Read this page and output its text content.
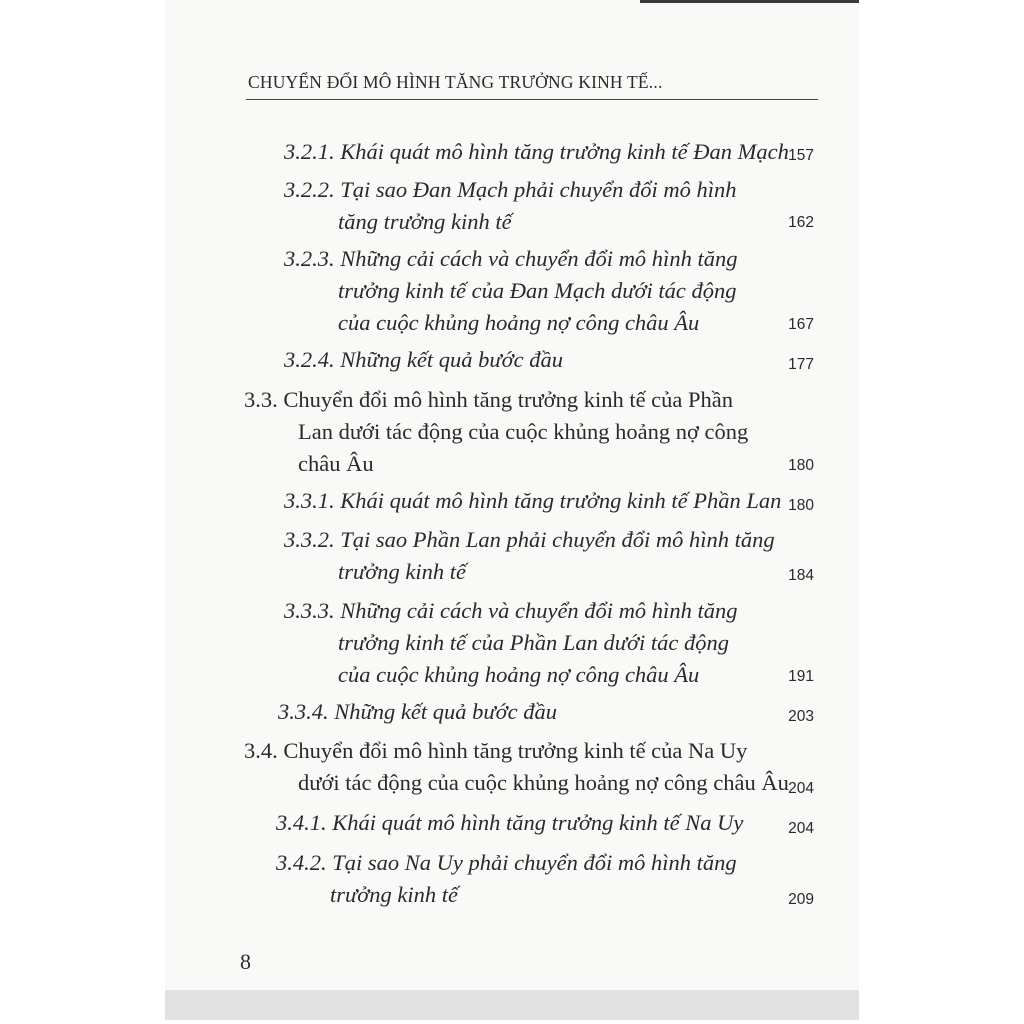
CHUYỂN ĐỔI MÔ HÌNH TĂNG TRƯỞNG KINH TẾ...
3.2.1. Khái quát mô hình tăng trưởng kinh tế Đan Mạch 157
3.2.2. Tại sao Đan Mạch phải chuyển đổi mô hình
tăng trưởng kinh tế	162
3.2.3. Những cải cách và chuyển đổi mô hình tăng
trưởng kinh tế của Đan Mạch dưới tác động
của cuộc khủng hoảng nợ công châu Âu	167
3.2.4. Những kết quả bước đầu	177
3.3. Chuyển đổi mô hình tăng trưởng kinh tế của Phần
Lan dưới tác động của cuộc khủng hoảng nợ công
châu Âu	180
3.3.1. Khái quát mô hình tăng trưởng kinh tế Phần Lan 180
3.3.2. Tại sao Phần Lan phải chuyển đổi mô hình tăng
trưởng kinh tế	184
3.3.3. Những cải cách và chuyển đổi mô hình tăng
trưởng kinh tế của Phần Lan dưới tác động
của cuộc khủng hoảng nợ công châu Âu	191
3.3.4. Những kết quả bước đầu	203
3.4. Chuyển đổi mô hình tăng trưởng kinh tế của Na Uy
dưới tác động của cuộc khủng hoảng nợ công châu Âu 204
3.4.1. Khái quát mô hình tăng trưởng kinh tế Na Uy	204
3.4.2. Tại sao Na Uy phải chuyển đổi mô hình tăng
trưởng kinh tế	209
8
